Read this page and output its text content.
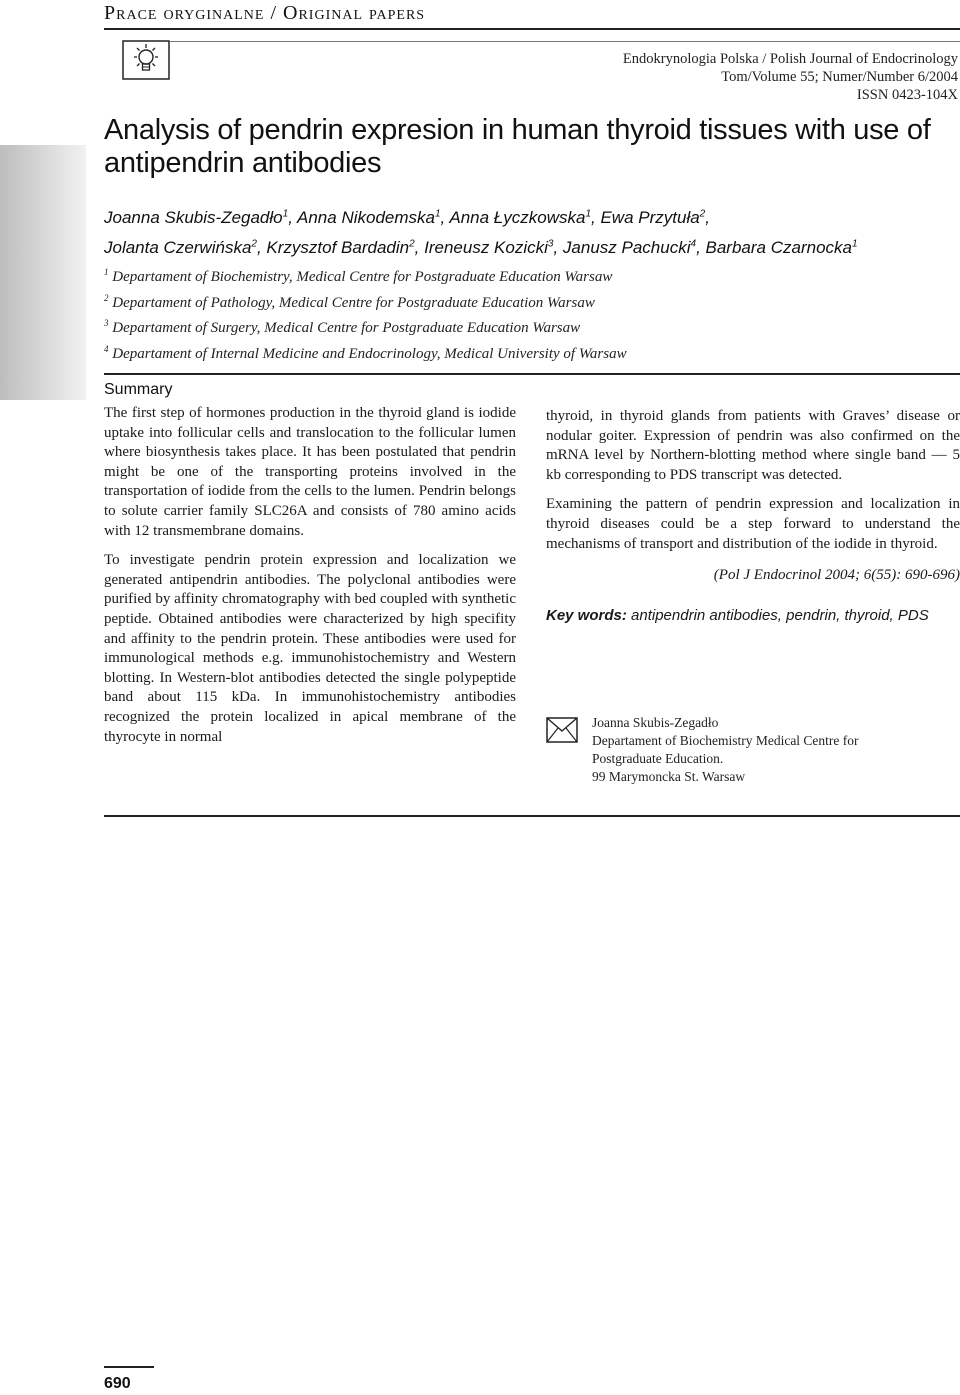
Prace oryginalne / Original papers
Endokrynologia Polska / Polish Journal of Endocrinology
Tom/Volume 55; Numer/Number 6/2004
ISSN 0423-104X
Analysis of pendrin expresion in human thyroid tissues with use of antipendrin antibodies
Joanna Skubis-Zegadło$^1$, Anna Nikodemska$^1$, Anna Łyczkowska$^1$, Ewa Przytuła$^2$,
Jolanta Czerwińska$^2$, Krzysztof Bardadin$^2$, Ireneusz Kozicki$^3$, Janusz Pachucki$^4$, Barbara Czarnocka$^1$
$^1$ Departament of Biochemistry, Medical Centre for Postgraduate Education Warsaw
$^2$ Departament of Pathology, Medical Centre for Postgraduate Education Warsaw
$^3$ Departament of Surgery, Medical Centre for Postgraduate Education Warsaw
$^4$ Departament of Internal Medicine and Endocrinology, Medical University of Warsaw
Summary

The first step of hormones production in the thyroid gland is iodide uptake into follicular cells and translocation to the follicular lumen where biosynthesis takes place. It has been postulated that pendrin might be one of the transporting proteins involved in the transportation of iodide from the cells to the lumen. Pendrin belongs to solute carrier family SLC26A and consists of 780 amino acids with 12 transmembrane domains.

To investigate pendrin protein expression and localization we generated antipendrin antibodies. The polyclonal antibodies were purified by affinity chromatography with bed coupled with synthetic peptide. Obtained antibodies were characterized by high specifity and affinity to the pendrin protein. These antibodies were used for immunological methods e.g. immunohistochemistry and Western blotting. In Western-blot antibodies detected the single polypeptide band about 115 kDa. In immunohistochemistry antibodies recognized the protein localized in apical membrane of the thyrocyte in normal

thyroid, in thyroid glands from patients with Graves’ disease or nodular goiter. Expression of pendrin was also confirmed on the mRNA level by Northern-blotting method where single band — 5 kb corresponding to PDS transcript was detected.

Examining the pattern of pendrin expression and localization in thyroid diseases could be a step forward to understand the mechanisms of transport and distribution of the iodide in thyroid.

(Pol J Endocrinol 2004; 6(55): 690-696)
Key words: antipendrin antibodies, pendrin, thyroid, PDS
Joanna Skubis-Zegadło
Departament of Biochemistry Medical Centre for
Postgraduate Education.
99 Marymoncka St. Warsaw
690
